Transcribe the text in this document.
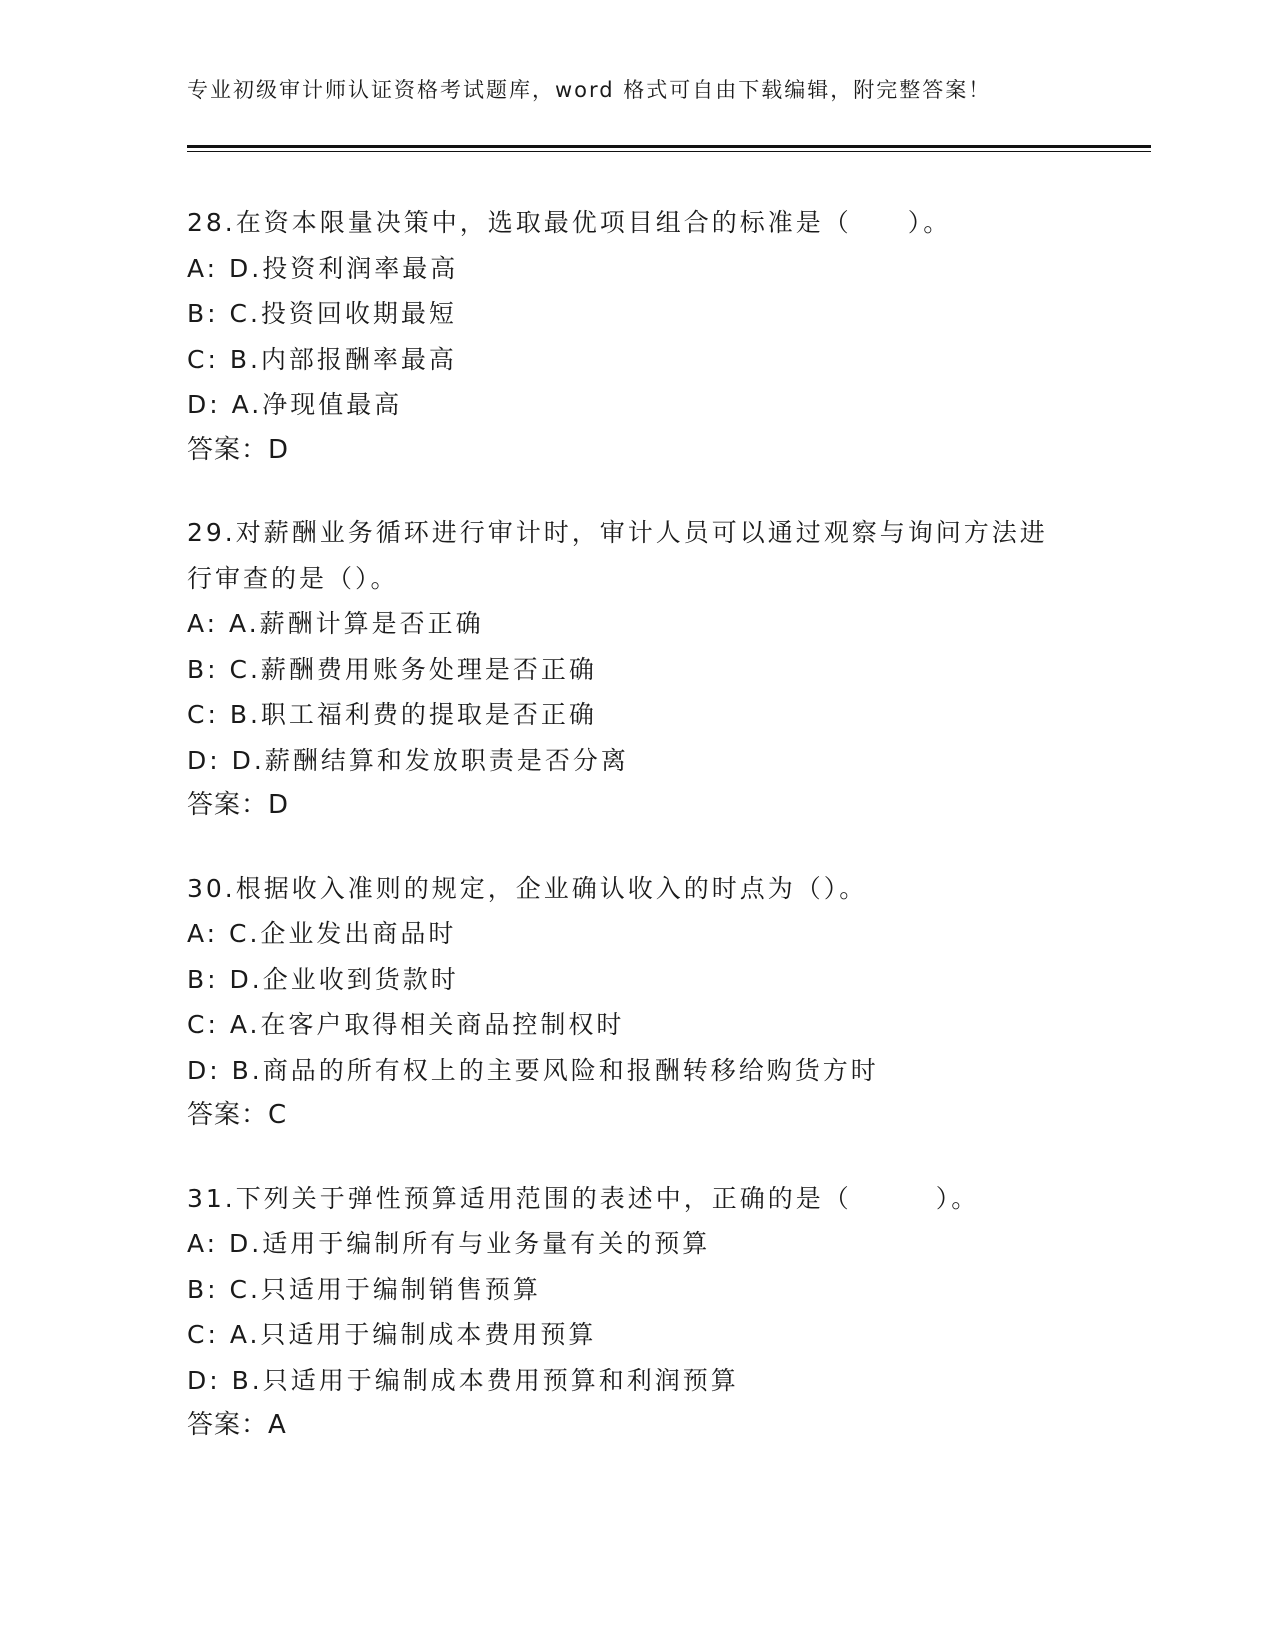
专业初级审计师认证资格考试题库，word 格式可自由下载编辑，附完整答案！
28.在资本限量决策中，选取最优项目组合的标准是（　　）。
A: D.投资利润率最高
B: C.投资回收期最短
C: B.内部报酬率最高
D: A.净现值最高
答案：D
29.对薪酬业务循环进行审计时，审计人员可以通过观察与询问方法进行审查的是（）。
A: A.薪酬计算是否正确
B: C.薪酬费用账务处理是否正确
C: B.职工福利费的提取是否正确
D: D.薪酬结算和发放职责是否分离
答案：D
30.根据收入准则的规定，企业确认收入的时点为（）。
A: C.企业发出商品时
B: D.企业收到货款时
C: A.在客户取得相关商品控制权时
D: B.商品的所有权上的主要风险和报酬转移给购货方时
答案：C
31.下列关于弹性预算适用范围的表述中，正确的是（　　　）。
A: D.适用于编制所有与业务量有关的预算
B: C.只适用于编制销售预算
C: A.只适用于编制成本费用预算
D: B.只适用于编制成本费用预算和利润预算
答案：A
